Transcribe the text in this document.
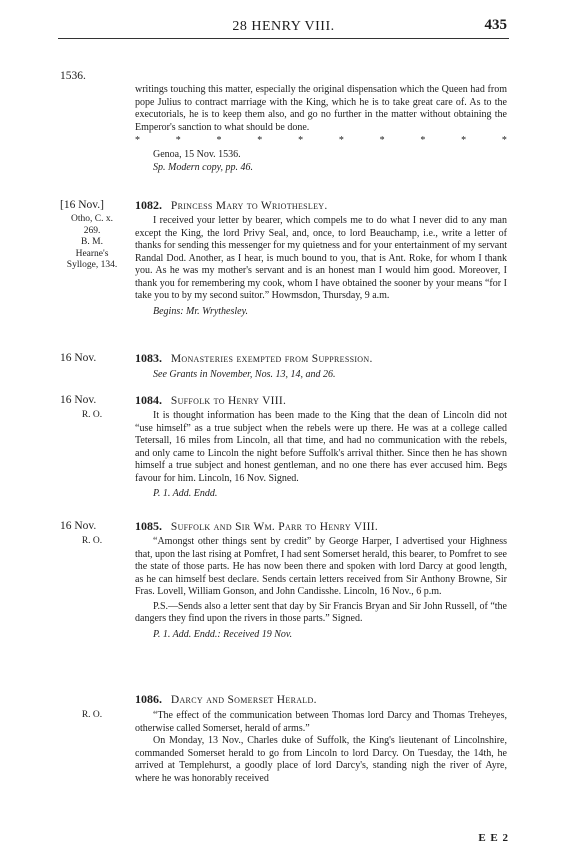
28 HENRY VIII.	435
1536.

writings touching this matter, especially the original dispensation which the Queen had from pope Julius to contract marriage with the King, which he is to take great care of. As to the executorials, he is to keep them also, and go no further in the matter without obtaining the Emperor's sanction to what should be done.

*	*	*	*	*	*	*	*	*	*

Genoa, 15 Nov. 1536.

Sp. Modern copy, pp. 46.

[16 Nov.]	1082. Princess Mary to Wriothesley.
Otho, C. x.
269.
B. M.
Hearne's
Sylloge, 134.

I received your letter by bearer, which compels me to do what I never did to any man except the King, the lord Privy Seal, and, once, to lord Beauchamp, i.e., write a letter of thanks for sending this messenger for my quietness and for your entertainment of my servant Randal Dod. Another, as I hear, is much bound to you, that is Ant. Roke, for whom I thank you. As he was my mother's servant and is an honest man I would him good. Moreover, I thank you for remembering my cook, whom I have obtained the sooner by your means “for I take you to by my second suitor.” Howmsdon, Thursday, 9 a.m.

Begins: Mr. Wrythesley.

16 Nov.	1083. Monasteries exempted from Suppression.

See Grants in November, Nos. 13, 14, and 26.

16 Nov.	1084. Suffolk to Henry VIII.
R. O.	It is thought information has been made to the King that the dean of Lincoln did not “use himself” as a true subject when the rebels were up there. He was at a college called Tetersall, 16 miles from Lincoln, all that time, and had no communication with the rebels, and only came to Lincoln the night before Suffolk's arrival thither. Since then he has shown himself a true subject and honest gentleman, and no one there has ever accused him. Begs favour for him. Lincoln, 16 Nov. Signed.

P. 1. Add. Endd.

16 Nov.	1085. Suffolk and Sir Wm. Parr to Henry VIII.
R. O.	“Amongst other things sent by credit” by George Harper, I advertised your Highness that, upon the last rising at Pomfret, I had sent Somerset herald, this bearer, to Pomfret to see the state of those parts. He has now been there and spoken with lord Darcy at good length, as he can himself best declare. Sends certain letters received from Sir Anthony Browne, Sir Fras. Lovell, William Gonson, and John Candisshe. Lincoln, 16 Nov., 6 p.m.

P.S.—Sends also a letter sent that day by Sir Francis Bryan and Sir John Russell, of “the dangers they find upon the rivers in those parts.” Signed.

P. 1. Add. Endd.: Received 19 Nov.

1086. Darcy and Somerset Herald.
R. O.	“The effect of the communication between Thomas lord Darcy and Thomas Treheyes, otherwise called Somerset, herald of arms.”

On Monday, 13 Nov., Charles duke of Suffolk, the King's lieutenant of Lincolnshire, commanded Somerset herald to go from Lincoln to lord Darcy. On Tuesday, the 14th, he arrived at Templehurst, a goodly place of lord Darcy's, standing nigh the river of Ayre, where he was honorably received

E E 2
